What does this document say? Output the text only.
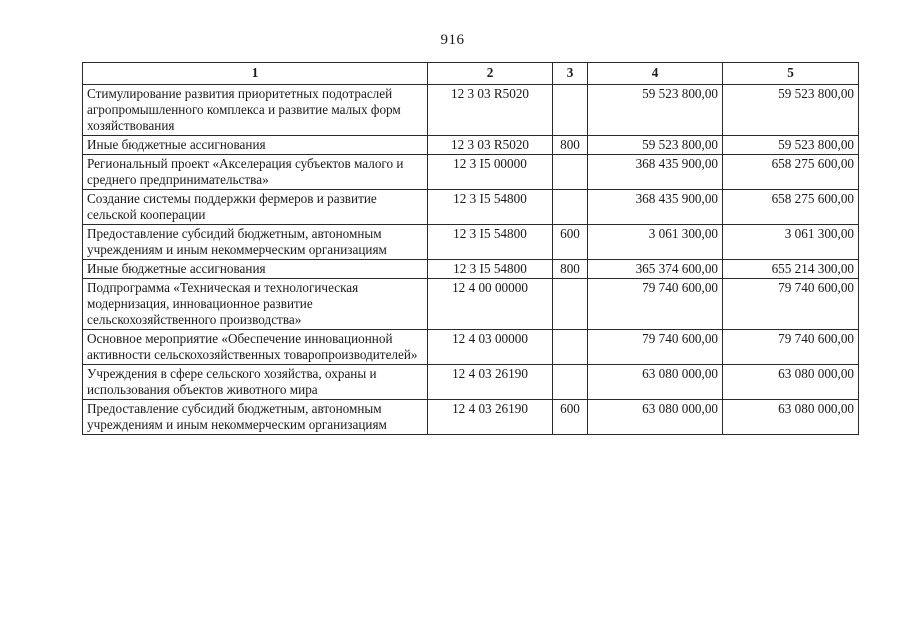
916
1	2	3	4	5
Стимулирование развития приоритетных подотраслей агропромышленного комплекса и развитие малых форм хозяйствования	12 3 03 R5020		59 523 800,00	59 523 800,00
Иные бюджетные ассигнования	12 3 03 R5020	800	59 523 800,00	59 523 800,00
Региональный проект «Акселерация субъектов малого и среднего предпринимательства»	12 3 I5 00000		368 435 900,00	658 275 600,00
Создание системы поддержки фермеров и развитие сельской кооперации	12 3 I5 54800		368 435 900,00	658 275 600,00
Предоставление субсидий бюджетным, автономным учреждениям и иным некоммерческим организациям	12 3 I5 54800	600	3 061 300,00	3 061 300,00
Иные бюджетные ассигнования	12 3 I5 54800	800	365 374 600,00	655 214 300,00
Подпрограмма «Техническая и технологическая модернизация, инновационное развитие сельскохозяйственного производства»	12 4 00 00000		79 740 600,00	79 740 600,00
Основное мероприятие «Обеспечение инновационной активности сельскохозяйственных товаропроизводителей»	12 4 03 00000		79 740 600,00	79 740 600,00
Учреждения в сфере сельского хозяйства, охраны и использования объектов животного мира	12 4 03 26190		63 080 000,00	63 080 000,00
Предоставление субсидий бюджетным, автономным учреждениям и иным некоммерческим организациям	12 4 03 26190	600	63 080 000,00	63 080 000,00
